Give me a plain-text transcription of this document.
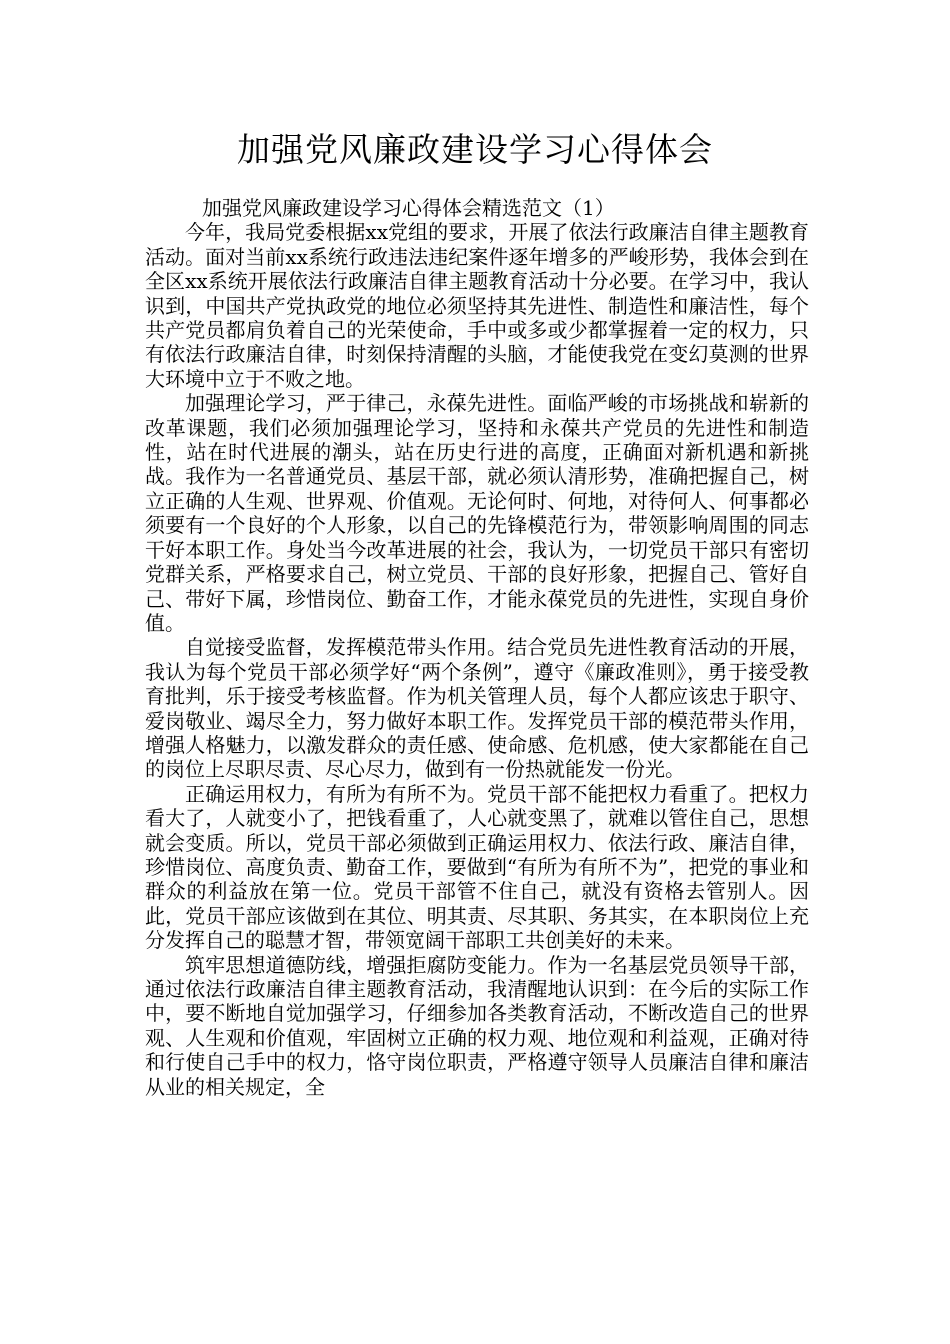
加强党风廉政建设学习心得体会

加强党风廉政建设学习心得体会精选范文（1）

今年，我局党委根据xx党组的要求，开展了依法行政廉洁自律主题教育活动。面对当前xx系统行政违法违纪案件逐年增多的严峻形势，我体会到在全区xx系统开展依法行政廉洁自律主题教育活动十分必要。在学习中，我认识到，中国共产党执政党的地位必须坚持其先进性、制造性和廉洁性，每个共产党员都肩负着自己的光荣使命，手中或多或少都掌握着一定的权力，只有依法行政廉洁自律，时刻保持清醒的头脑，才能使我党在变幻莫测的世界大环境中立于不败之地。

加强理论学习，严于律己，永葆先进性。面临严峻的市场挑战和崭新的改革课题，我们必须加强理论学习，坚持和永葆共产党员的先进性和制造性，站在时代进展的潮头，站在历史行进的高度，正确面对新机遇和新挑战。我作为一名普通党员、基层干部，就必须认清形势，准确把握自己，树立正确的人生观、世界观、价值观。无论何时、何地，对待何人、何事都必须要有一个良好的个人形象，以自己的先锋模范行为，带领影响周围的同志干好本职工作。身处当今改革进展的社会，我认为，一切党员干部只有密切党群关系，严格要求自己，树立党员、干部的良好形象，把握自己、管好自己、带好下属，珍惜岗位、勤奋工作，才能永葆党员的先进性，实现自身价值。

自觉接受监督，发挥模范带头作用。结合党员先进性教育活动的开展，我认为每个党员干部必须学好“两个条例”，遵守《廉政准则》，勇于接受教育批判，乐于接受考核监督。作为机关管理人员，每个人都应该忠于职守、爱岗敬业、竭尽全力，努力做好本职工作。发挥党员干部的模范带头作用，增强人格魅力，以激发群众的责任感、使命感、危机感，使大家都能在自己的岗位上尽职尽责、尽心尽力，做到有一份热就能发一份光。

正确运用权力，有所为有所不为。党员干部不能把权力看重了。把权力看大了，人就变小了，把钱看重了，人心就变黑了，就难以管住自己，思想就会变质。所以，党员干部必须做到正确运用权力、依法行政、廉洁自律，珍惜岗位、高度负责、勤奋工作，要做到“有所为有所不为”，把党的事业和群众的利益放在第一位。党员干部管不住自己，就没有资格去管别人。因此，党员干部应该做到在其位、明其责、尽其职、务其实，在本职岗位上充分发挥自己的聪慧才智，带领宽阔干部职工共创美好的未来。

筑牢思想道德防线，增强拒腐防变能力。作为一名基层党员领导干部，通过依法行政廉洁自律主题教育活动，我清醒地认识到：在今后的实际工作中，要不断地自觉加强学习，仔细参加各类教育活动，不断改造自己的世界观、人生观和价值观，牢固树立正确的权力观、地位观和利益观，正确对待和行使自己手中的权力，恪守岗位职责，严格遵守领导人员廉洁自律和廉洁从业的相关规定，全
